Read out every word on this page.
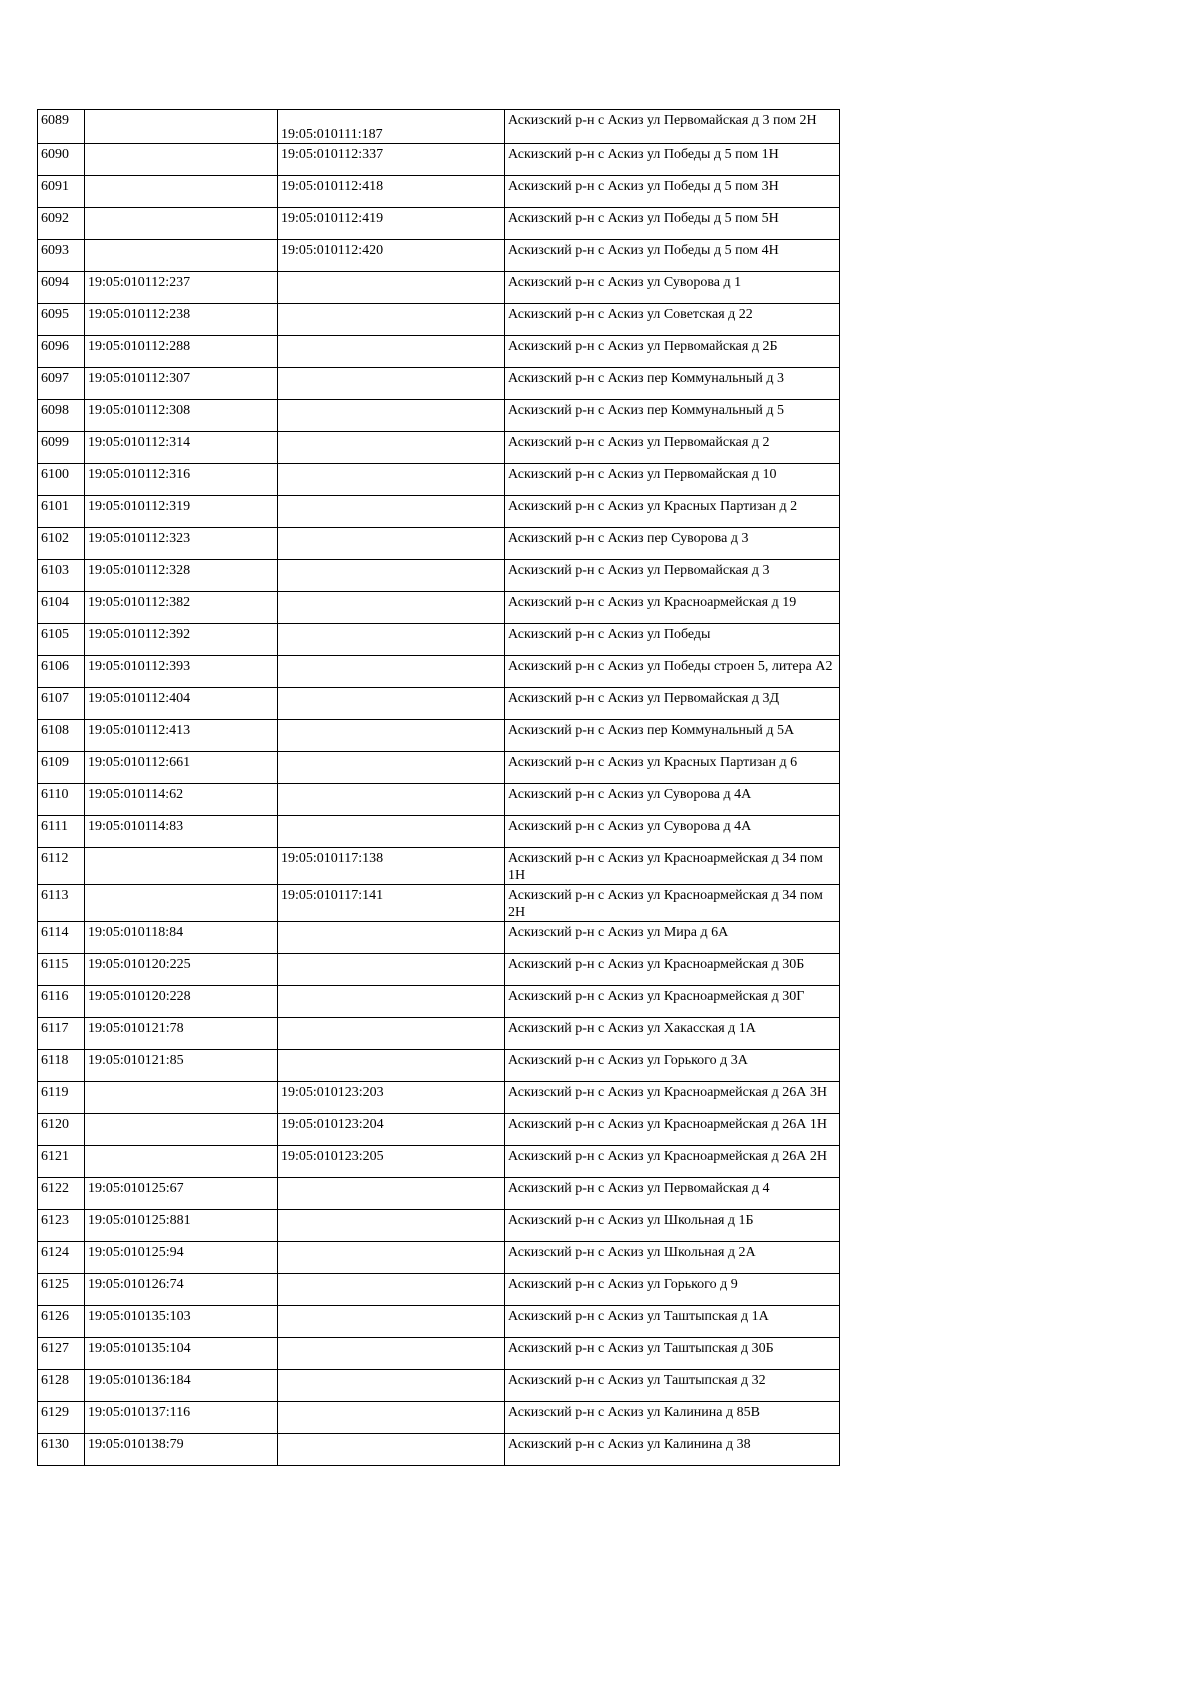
6089		19:05:010111:187	Аскизский р-н с Аскиз ул Первомайская д 3 пом 2Н
6090		19:05:010112:337	Аскизский р-н с Аскиз ул Победы д 5 пом 1Н
6091		19:05:010112:418	Аскизский р-н с Аскиз ул Победы д 5 пом 3Н
6092		19:05:010112:419	Аскизский р-н с Аскиз ул Победы д 5 пом 5Н
6093		19:05:010112:420	Аскизский р-н с Аскиз ул Победы д 5 пом 4Н
6094	19:05:010112:237		Аскизский р-н с Аскиз ул Суворова д 1
6095	19:05:010112:238		Аскизский р-н с Аскиз ул Советская д 22
6096	19:05:010112:288		Аскизский р-н с Аскиз ул Первомайская д 2Б
6097	19:05:010112:307		Аскизский р-н с Аскиз пер Коммунальный д 3
6098	19:05:010112:308		Аскизский р-н с Аскиз пер Коммунальный д 5
6099	19:05:010112:314		Аскизский р-н с Аскиз ул Первомайская д 2
6100	19:05:010112:316		Аскизский р-н с Аскиз ул Первомайская д 10
6101	19:05:010112:319		Аскизский р-н с Аскиз ул Красных Партизан д 2
6102	19:05:010112:323		Аскизский р-н с Аскиз пер Суворова д 3
6103	19:05:010112:328		Аскизский р-н с Аскиз ул Первомайская д 3
6104	19:05:010112:382		Аскизский р-н с Аскиз ул Красноармейская д 19
6105	19:05:010112:392		Аскизский р-н с Аскиз ул Победы
6106	19:05:010112:393		Аскизский р-н с Аскиз ул Победы строен 5, литера А2
6107	19:05:010112:404		Аскизский р-н с Аскиз ул Первомайская д 3Д
6108	19:05:010112:413		Аскизский р-н с Аскиз пер Коммунальный д 5А
6109	19:05:010112:661		Аскизский р-н с Аскиз ул Красных Партизан д 6
6110	19:05:010114:62		Аскизский р-н с Аскиз ул Суворова д 4А
6111	19:05:010114:83		Аскизский р-н с Аскиз ул Суворова д 4А
6112		19:05:010117:138	Аскизский р-н с Аскиз ул Красноармейская д 34 пом 1Н
6113		19:05:010117:141	Аскизский р-н с Аскиз ул Красноармейская д 34 пом 2Н
6114	19:05:010118:84		Аскизский р-н с Аскиз ул Мира д 6А
6115	19:05:010120:225		Аскизский р-н с Аскиз ул Красноармейская д 30Б
6116	19:05:010120:228		Аскизский р-н с Аскиз ул Красноармейская д 30Г
6117	19:05:010121:78		Аскизский р-н с Аскиз ул Хакасская д 1А
6118	19:05:010121:85		Аскизский р-н с Аскиз ул Горького д 3А
6119		19:05:010123:203	Аскизский р-н с Аскиз ул Красноармейская д 26А 3Н
6120		19:05:010123:204	Аскизский р-н с Аскиз ул Красноармейская д 26А 1Н
6121		19:05:010123:205	Аскизский р-н с Аскиз ул Красноармейская д 26А 2Н
6122	19:05:010125:67		Аскизский р-н с Аскиз ул Первомайская д 4
6123	19:05:010125:881		Аскизский р-н с Аскиз ул Школьная д 1Б
6124	19:05:010125:94		Аскизский р-н с Аскиз ул Школьная д 2А
6125	19:05:010126:74		Аскизский р-н с Аскиз ул Горького д 9
6126	19:05:010135:103		Аскизский р-н с Аскиз ул Таштыпская д 1А
6127	19:05:010135:104		Аскизский р-н с Аскиз ул Таштыпская д 30Б
6128	19:05:010136:184		Аскизский р-н с Аскиз ул Таштыпская д 32
6129	19:05:010137:116		Аскизский р-н с Аскиз ул Калинина д 85В
6130	19:05:010138:79		Аскизский р-н с Аскиз ул Калинина д 38
